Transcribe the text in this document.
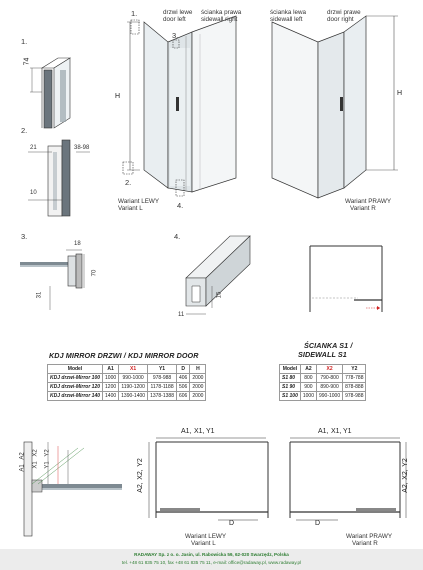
1.
74
2.
21	38-98
10
1.
3.
2.
4.
H
drzwi lewe
door left
ścianka prawa
sidewall right
Wariant LEWY
Variant L
H
ścianka lewa
sidewall left
drzwi prawe
door right
Wariant PRAWY
Variant R
3.
18
70
31
4.
15
11
KDJ MIRROR DRZWI / KDJ MIRROR DOOR
Model	A1	X1	Y1	D	H
KDJ drzwi-Mirror 100	1000	990-1000	978-988	406	2000
KDJ drzwi-Mirror 120	1200	1190-1200	1178-1188	506	2000
KDJ drzwi-Mirror 140	1400	1390-1400	1378-1388	606	2000
ŚCIANKA S1 /
SIDEWALL S1
Model	A2	X2	Y2
S1 80	800	790-800	778-788
S1 90	900	890-900	878-888
S1 100	1000	990-1000	978-988
A1
A2
X1
X2
Y1
Y2
A1, X1, Y1
A2,
X2,
Y2
D
Wariant LEWY
Variant L
A1, X1, Y1
A2,
X2,
Y2
D
Wariant PRAWY
Variant R
RADAWAY Sp. z o. o. Jasin, ul. Rabowicka 59, 62-020 Swarzędz, Polska
tel. +48 61 835 75 10, fax +48 61 835 75 11, e-mail: office@radaway.pl, www.radaway.pl
